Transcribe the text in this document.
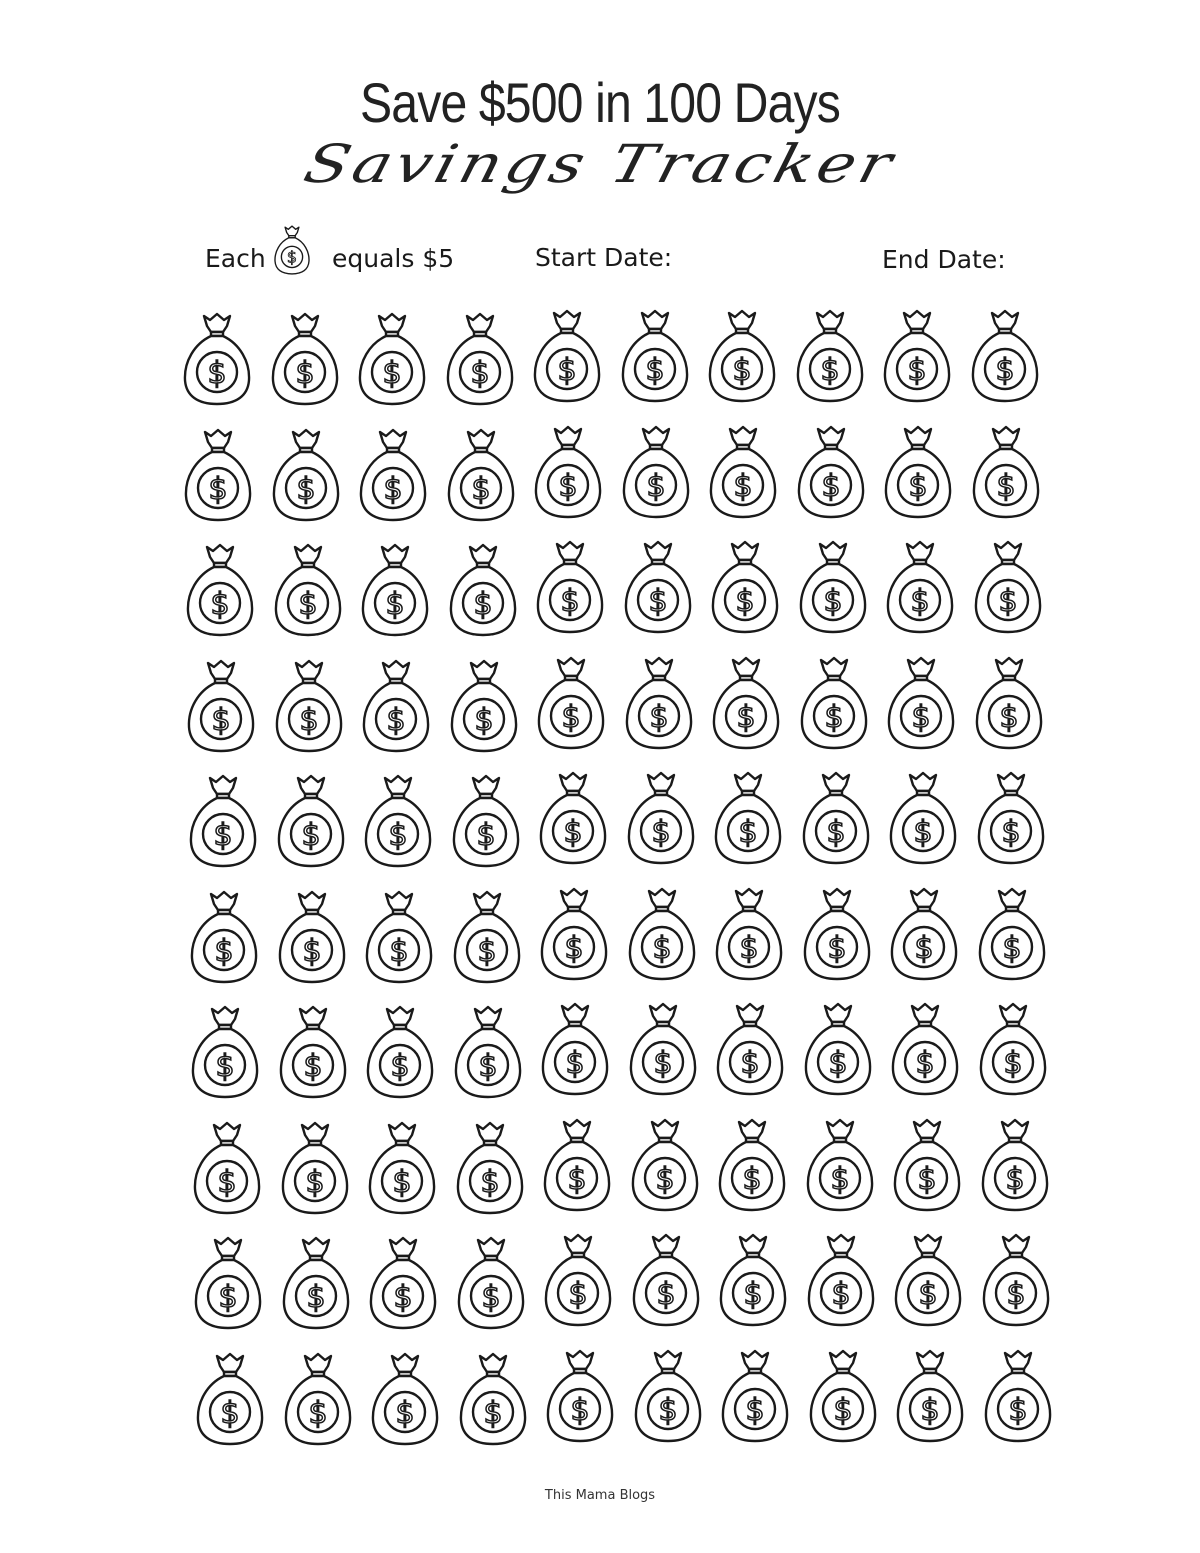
Save $500 in 100 Days
Savings Tracker
Each $ equals $5	Start Date:	End Date:
$ $ $ $ $ $ $ $ $ $
$ $ $ $ $ $ $ $ $ $
$ $ $ $ $ $ $ $ $ $
$ $ $ $ $ $ $ $ $ $
$ $ $ $ $ $ $ $ $ $
$ $ $ $ $ $ $ $ $ $
$ $ $ $ $ $ $ $ $ $
$ $ $ $ $ $ $ $ $ $
$ $ $ $ $ $ $ $ $ $
$ $ $ $ $ $ $ $ $ $
This Mama Blogs
